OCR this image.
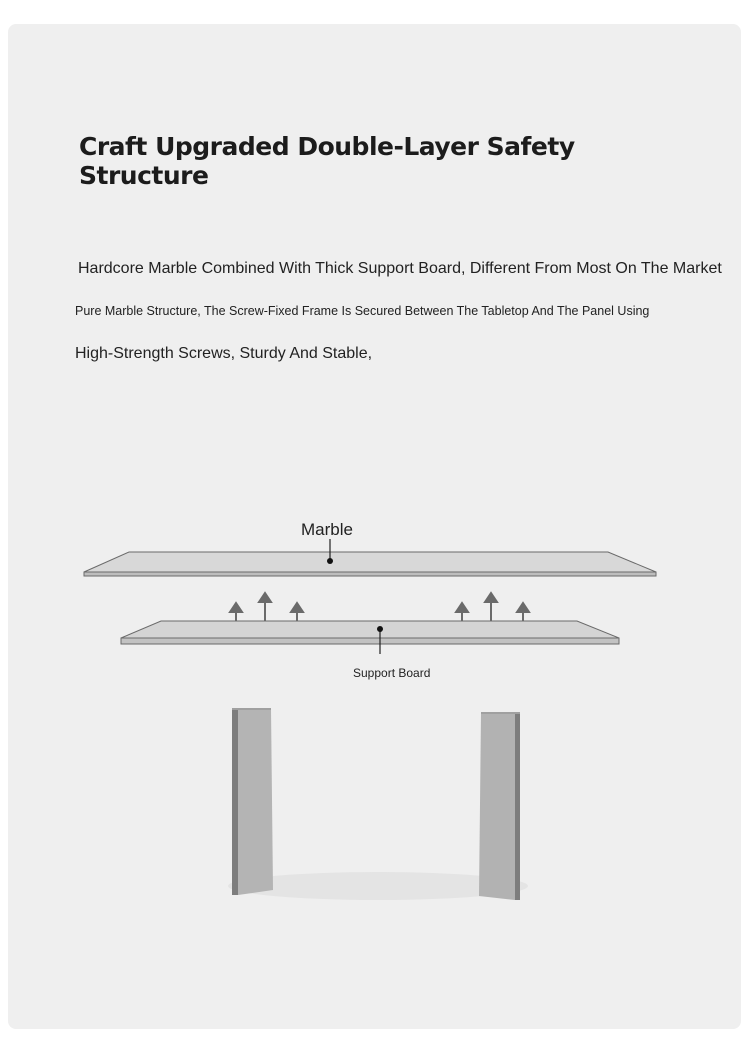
Craft Upgraded Double-Layer Safety Structure

Hardcore Marble Combined With Thick Support Board, Different From Most On The Market

Pure Marble Structure, The Screw-Fixed Frame Is Secured Between The Tabletop And The Panel Using

High-Strength Screws, Sturdy And Stable,

Marble
Support Board
